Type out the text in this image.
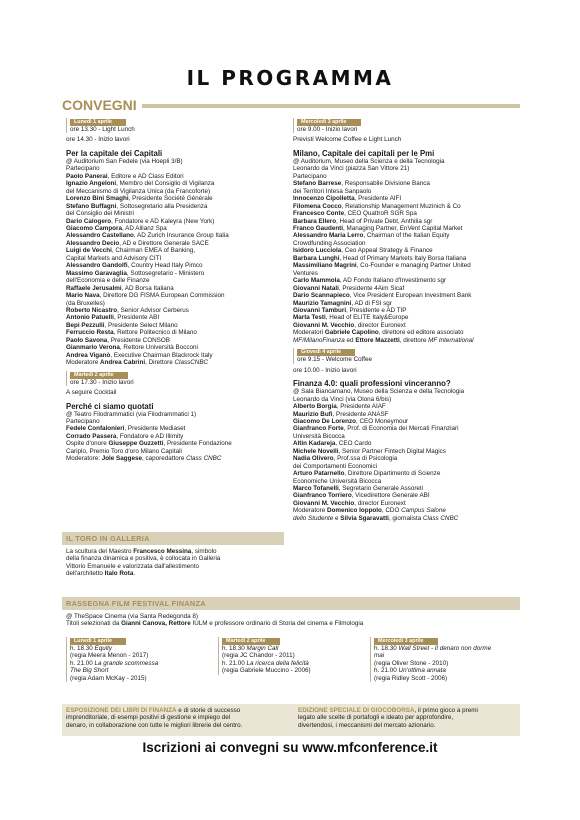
IL PROGRAMMA
CONVEGNI
Lunedì 1 aprile
ore 13.30 - Light Lunch
ore 14.30 - Inizio lavori
Per la capitale dei Capitali
@ Auditorium San Fedele (via Hoepli 3/B)
Partecipano
Paolo Panerai, Editore e AD Class Editori
Ignazio Angeloni, Membro del Consiglio di Vigilanza
del Meccanismo di Vigilanza Unica (da Francoforte)
Lorenzo Bini Smaghi, Presidente Société Générale
Stefano Buffagni, Sottosegretario alla Presidenza
del Consiglio dei Ministri
Dario Calogero, Fondatore e AD Kaleyra (New York)
Giacomo Campora, AD Allianz Spa
Alessandro Castellano, AD Zurich Insurance Group Italia
Alessandro Decio, AD e Direttore Generale SACE
Luigi de Vecchi, Chairman EMEA of Banking,
Capital Markets and Advisory CITI
Alessandro Gandolfi, Country Head Italy Pimco
Massimo Garavaglia, Sottosegretario - Ministero
dell'Economia e delle Finanze
Raffaele Jerusalmi, AD Borsa Italiana
Mario Nava, Direttore DG FISMA European Commission
(da Bruxelles)
Roberto Nicastro, Senior Advisor Cerberus
Antonio Patuelli, Presidente ABI
Bepi Pezzulli, Presidente Select Milano
Ferruccio Resta, Rettore Politecnico di Milano
Paolo Savona, Presidente CONSOB
Gianmario Verona, Rettore Università Bocconi
Andrea Viganò, Executive Chairman Blackrock Italy
Moderatore Andrea Cabrini, Direttore ClassCNBC
Martedì 2 aprile
ore 17.30 - Inizio lavori
A seguire Cocktail
Perché ci siamo quotati
@ Teatro Filodrammatici (via Filodrammatici 1)
Partecipano
Fedele Confalonieri, Presidente Mediaset
Corrado Passera, Fondatore e AD Illimity
Ospite d'onore Giuseppe Guzzetti, Presidente Fondazione
Cariplo, Premio Toro d'oro Milano Capitali
Moderatore: Jole Saggese, caporedattore Class CNBC
Mercoledì 3 aprile
ore 9.00 - Inizio lavori
Previsti Welcome Coffee e Light Lunch
Milano, Capitale dei capitali per le Pmi
@ Auditorium, Museo della Scienza e della Tecnologia
Leonardo da Vinci (piazza San Vittore 21)
Partecipano
Stefano Barrese, Responsabile Divisione Banca
dei Territori Intesa Sanpaolo
Innocenzo Cipolletta, Presidente AIFI
Filomena Cocco, Relationship Management Muzinich & Co
Francesco Conte, CEO QuattroR SGR Spa
Barbara Ellero, Head of Private Debt, Anthilia sgr
Franco Gaudenti, Managing Partner, EnVent Capital Market
Alessandro Maria Lerro, Chairman of the Italian Equity
Crowdfunding Association
Isidoro Lucciola, Ceo Appeal Strategy & Finance
Barbara Lunghi, Head of Primary Markets Italy Borsa Italiana
Massimiliano Magrini, Co-Founder e managing Partner United
Ventures
Carlo Mammola, AD Fondo Italiano d'Investimento sgr
Giovanni Natali, Presidente 4Aim Sicaf
Dario Scannapieco, Vice President European Investment Bank
Maurizio Tamagnini, AD di FSI sgr
Giovanni Tamburi, Presidente e AD TIP
Marta Testi, Head of ELITE Italy&Europe
Giovanni M. Vecchio, director Euronext
Moderatori Gabriele Capolino, direttore ed editore associato
MF/MilanoFinanza ed Ettore Mazzetti, direttore MF International
Giovedì 4 aprile
ore 9.15 - Welcome Coffee
ore 10.00 - Inizio lavori
Finanza 4.0: quali professioni vinceranno?
@ Sala Biancamano, Museo della Scienza e della Tecnologia
Leonardo da Vinci (via Olona 6/bis)
Alberto Borgia, Presidente AIAF
Maurizio Bufi, Presidente ANASF
Giacomo De Lorenzo, CEO Moneymour
Gianfranco Forte, Prof. di Economia dei Mercati Finanziari
Università Bicocca
Altin Kadareja, CEO Cardo
Michele Novelli, Senior Partner Fintech Digital Magics
Nadia Olivero, Prof.ssa di Psicologia
dei Comportamenti Economici
Arturo Patarnello, Direttore Dipartimento di Scienze
Economiche Università Bicocca
Marco Tofanelli, Segretario Generale Assoreti
Gianfranco Torriero, Vicedirettore Generale ABI
Giovanni M. Vecchio, director Euronext
Moderatore Domenico Ioppolo, CDO Campus Salone
dello Studente e Silvia Sgaravatti, giornalista Class CNBC
IL TORO IN GALLERIA
La scultura del Maestro Francesco Messina, simbolo
della finanza dinamica e positiva, è collocata in Galleria
Vittorio Emanuele e valorizzata dall'allestimento
dell'architetto Italo Rota.
RASSEGNA FILM FESTIVAL FINANZA
@ TheSpace Cinema (via Santa Redegonda 8)
Titoli selezionati da Gianni Canova, Rettore IULM e professore ordinario di Storia del cinema e Filmologia
Lunedì 1 aprile
h. 18.30 Equity
(regia Meera Menon - 2017)
h. 21.00 La grande scommessa
The Big Short
(regia Adam McKay - 2015)
Martedì 2 aprile
h. 18.30 Margin Call
(regia JC Chandor - 2011)
h. 21.00 La ricerca della felicità
(regia Gabriele Muccino - 2006)
Mercoledì 3 aprile
h. 18.30 Wall Street - Il denaro non dorme
mai
(regia Oliver Stone - 2010)
h. 21.00 Un'ottima annata
(regia Ridley Scott - 2006)
ESPOSIZIONE DEI LIBRI DI FINANZA e di storie di successo
imprenditoriale, di esempi positivi di gestione e impiego del
denaro, in collaborazione con tutte le migliori librerie del centro.
EDIZIONE SPECIALE DI GIOCOBORSA, il primo gioco a premi
legato alle scelte di portafogli e ideato per approfondire,
divertendosi, i meccanismi del mercato azionario.
Iscrizioni ai convegni su www.mfconference.it
